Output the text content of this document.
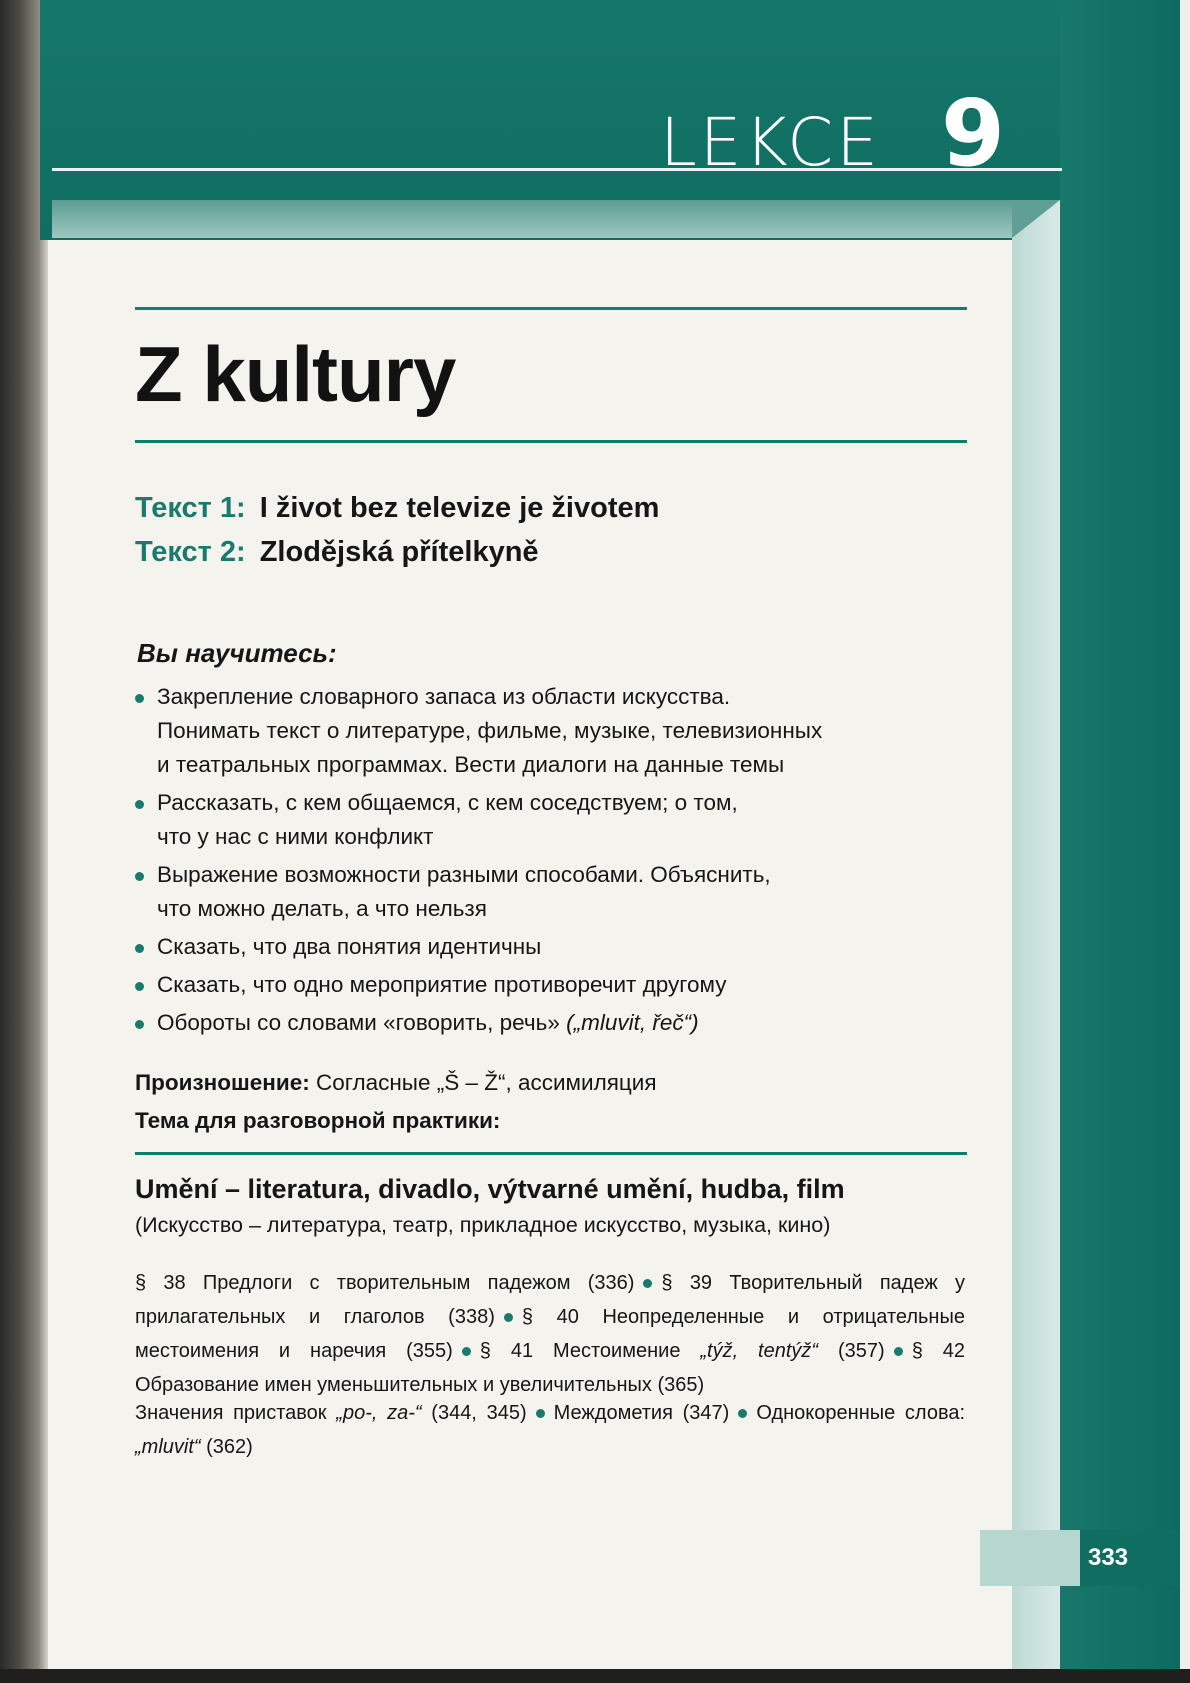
LEKCE 9
Z kultury
Текст 1: I život bez televize je životem
Текст 2: Zlodějská přítelkyně
Вы научитесь:
Закрепление словарного запаса из области искусства.
Понимать текст о литературе, фильме, музыке, телевизионных
и театральных программах. Вести диалоги на данные темы
Рассказать, с кем общаемся, с кем соседствуем; о том,
что у нас с ними конфликт
Выражение возможности разными способами. Объяснить,
что можно делать, а что нельзя
Сказать, что два понятия идентичны
Сказать, что одно мероприятие противоречит другому
Обороты со словами «говорить, речь» („mluvit, řeč“)
Произношение: Согласные „Š – Ž“, ассимиляция
Тема для разговорной практики:
Umění – literatura, divadlo, výtvarné umění, hudba, film
(Искусство – литература, театр, прикладное искусство, музыка, кино)
§ 38 Предлоги с творительным падежом (336) § 39 Творительный падеж у прилагательных и глаголов (338) § 40 Неопределенные и отрицательные местоимения и наречия (355) § 41 Местоимение „týž, tentýž“ (357) § 42 Образование имен уменьшительных и увеличительных (365)
Значения приставок „po-, za-“ (344, 345) Междометия (347) Однокоренные слова: „mluvit“ (362)
333
